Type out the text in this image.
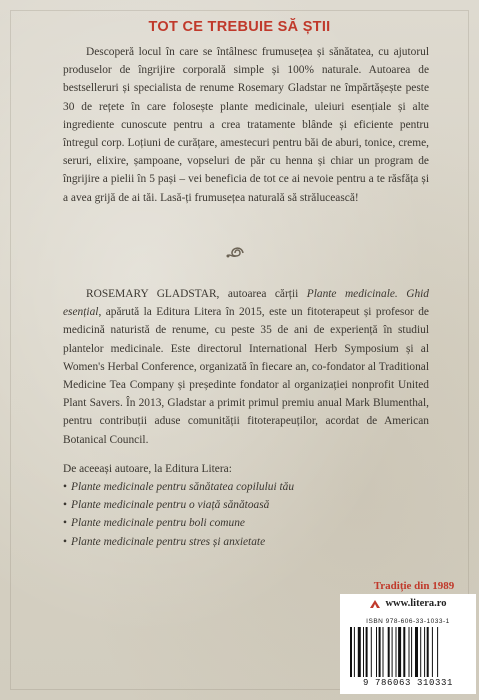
TOT CE TREBUIE SĂ ȘTII

Descoperă locul în care se întâlnesc frumusețea și sănătatea, cu ajutorul produselor de îngrijire corporală simple și 100% naturale. Autoarea de bestselleruri și specialista de renume Rosemary Gladstar ne împărtășește peste 30 de rețete în care folosește plante medicinale, uleiuri esențiale și alte ingrediente cunoscute pentru a crea tratamente blânde și eficiente pentru întregul corp. Loțiuni de curățare, amestecuri pentru băi de aburi, tonice, creme, seruri, elixire, șampoane, vopseluri de păr cu henna și chiar un program de îngrijire a pielii în 5 pași – vei beneficia de tot ce ai nevoie pentru a te răsfăța și a avea grijă de ai tăi. Lasă-ți frumusețea naturală să strălucească!

ROSEMARY GLADSTAR, autoarea cărții Plante medicinale. Ghid esențial, apărută la Editura Litera în 2015, este un fitoterapeut și profesor de medicină naturistă de renume, cu peste 35 de ani de experiență în studiul plantelor medicinale. Este directorul International Herb Symposium și al Women's Herbal Conference, organizată în fiecare an, co-fondator al Traditional Medicine Tea Company și președinte fondator al organizației nonprofit United Plant Savers. În 2013, Gladstar a primit primul premiu anual Mark Blumenthal, pentru contribuții aduse comunității fitoterapeuților, acordat de American Botanical Council.

De aceeași autoare, la Editura Litera:

• Plante medicinale pentru sănătatea copilului tău
• Plante medicinale pentru o viață sănătoasă
• Plante medicinale pentru boli comune
• Plante medicinale pentru stres și anxietate
Tradiție din 1989
www.litera.ro
ISBN 978-606-33-1033-1
9 786063 310331
